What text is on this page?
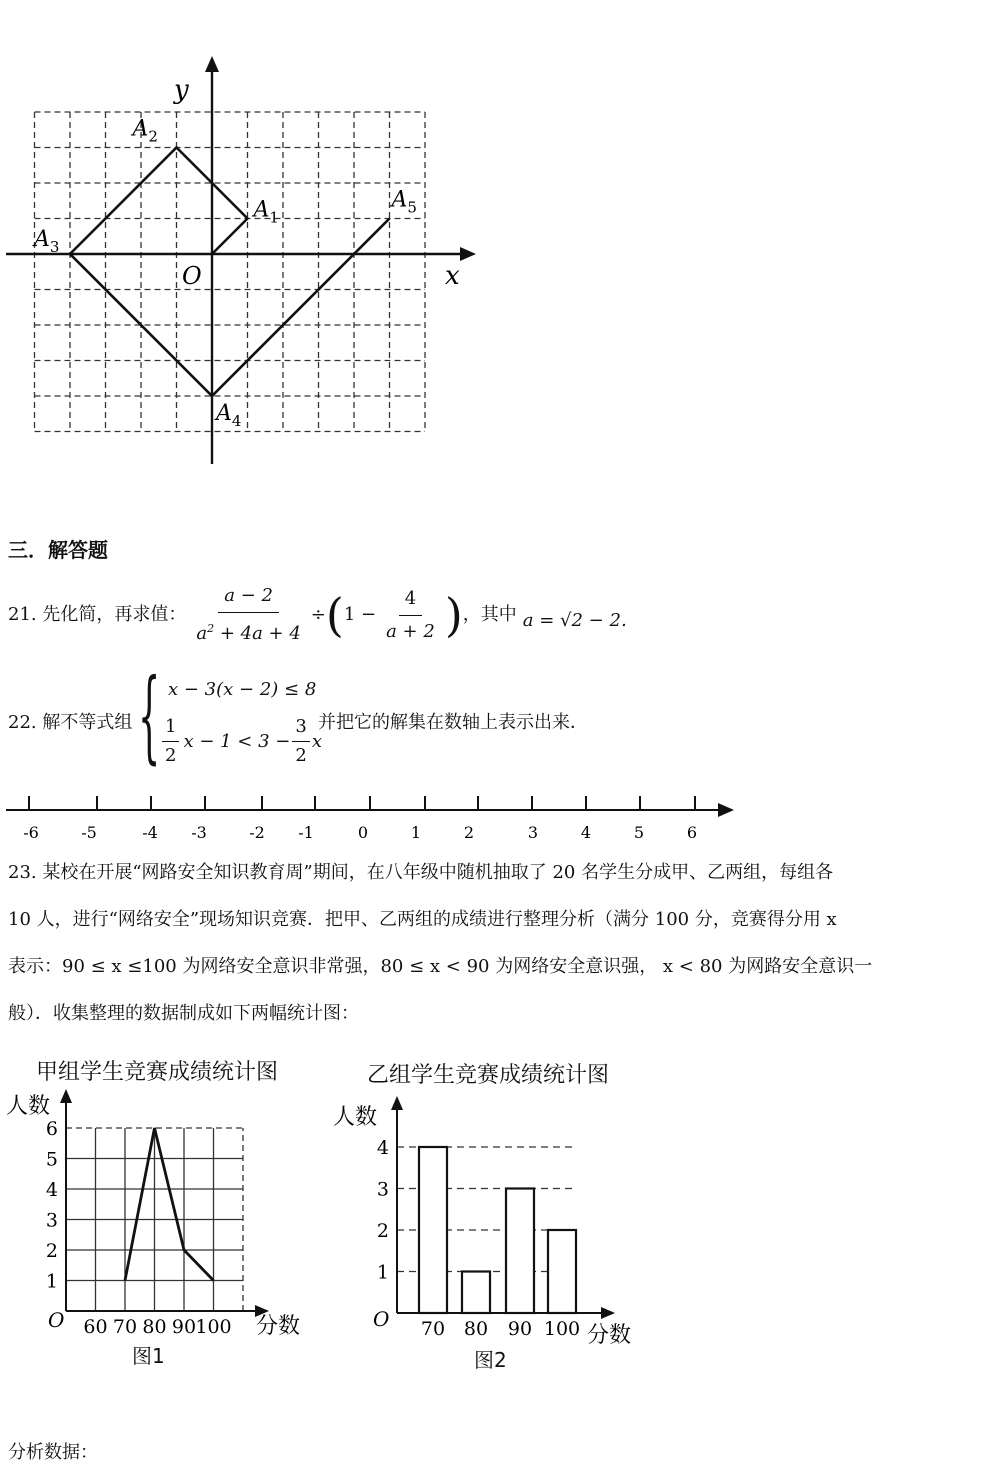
x
y
O
$A_1$
$A_2$
$A_3$
$A_4$
$A_5$
三．解答题
21. 先化简，再求值： $\frac{a - 2}{a^2 + 4a + 4}$ ÷ ( $1 - \frac{4}{a + 2}$ ) ，其中 a = √2 − 2．
22. 解不等式组 { x − 3(x − 2) ≤ 8
$\frac{1}{2}$ $x - 1 < 3 - \frac{3}{2}$ x
并把它的解集在数轴上表示出来．
-6	-5	-4 -3	-2 -1	0	1	2	3	4	5	6
23. 某校在开展“网路安全知识教育周”期间，在八年级中随机抽取了 20 名学生分成甲、乙两组，每组各
10 人，进行“网络安全”现场知识竞赛．把甲、乙两组的成绩进行整理分析（满分 100 分，竞赛得分用 x
表示：90 ≤ x ≤100 为网络安全意识非常强，80 ≤ x < 90 为网络安全意识强， x < 80 为网路安全意识一
般）．收集整理的数据制成如下两幅统计图：
甲组学生竞赛成绩统计图
人数
分数
O
1
2
3
4
5
6
60 70 80 90 100
图1
乙组学生竞赛成绩统计图
人数
分数
O
1
2
3
4
70 80 90 100
图2
分析数据：
